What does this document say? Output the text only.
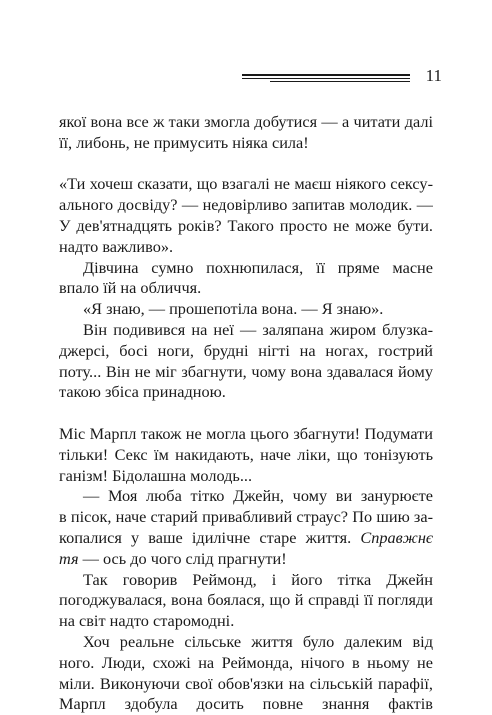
11
якої вона все ж таки змогла добутися — а читати далі
її, либонь, не примусить ніяка сила!
«Ти хочеш сказати, що взагалі не маєш ніякого сексу-
ального досвіду? — недовірливо запитав молодик. —
У дев'ятнадцять років? Такого просто не може бути.
надто важливо».
Дівчина сумно похнюпилася, її пряме масне
впало їй на обличчя.
«Я знаю, — прошепотіла вона. — Я знаю».
Він подивився на неї — заляпана жиром блузка-
джерсі, босі ноги, брудні нігті на ногах, гострий
поту... Він не міг збагнути, чому вона здавалася йому
такою збіса принадною.
Міс Марпл також не могла цього збагнути! Подумати
тільки! Секс їм накидають, наче ліки, що тонізують
ганізм! Бідолашна молодь...
— Моя люба тітко Джейн, чому ви занурюєте
в пісок, наче старий привабливий страус? По шию за-
копалися у ваше ідилічне старе життя. Справжнє
тя — ось до чого слід прагнути!
Так говорив Реймонд, і його тітка Джейн
погоджувалася, вона боялася, що й справді її погляди
на світ надто старомодні.
Хоч реальне сільське життя було далеким від
ного. Люди, схожі на Реймонда, нічого в ньому не
міли. Виконуючи свої обов'язки на сільській парафії,
Марпл здобула досить повне знання фактів
